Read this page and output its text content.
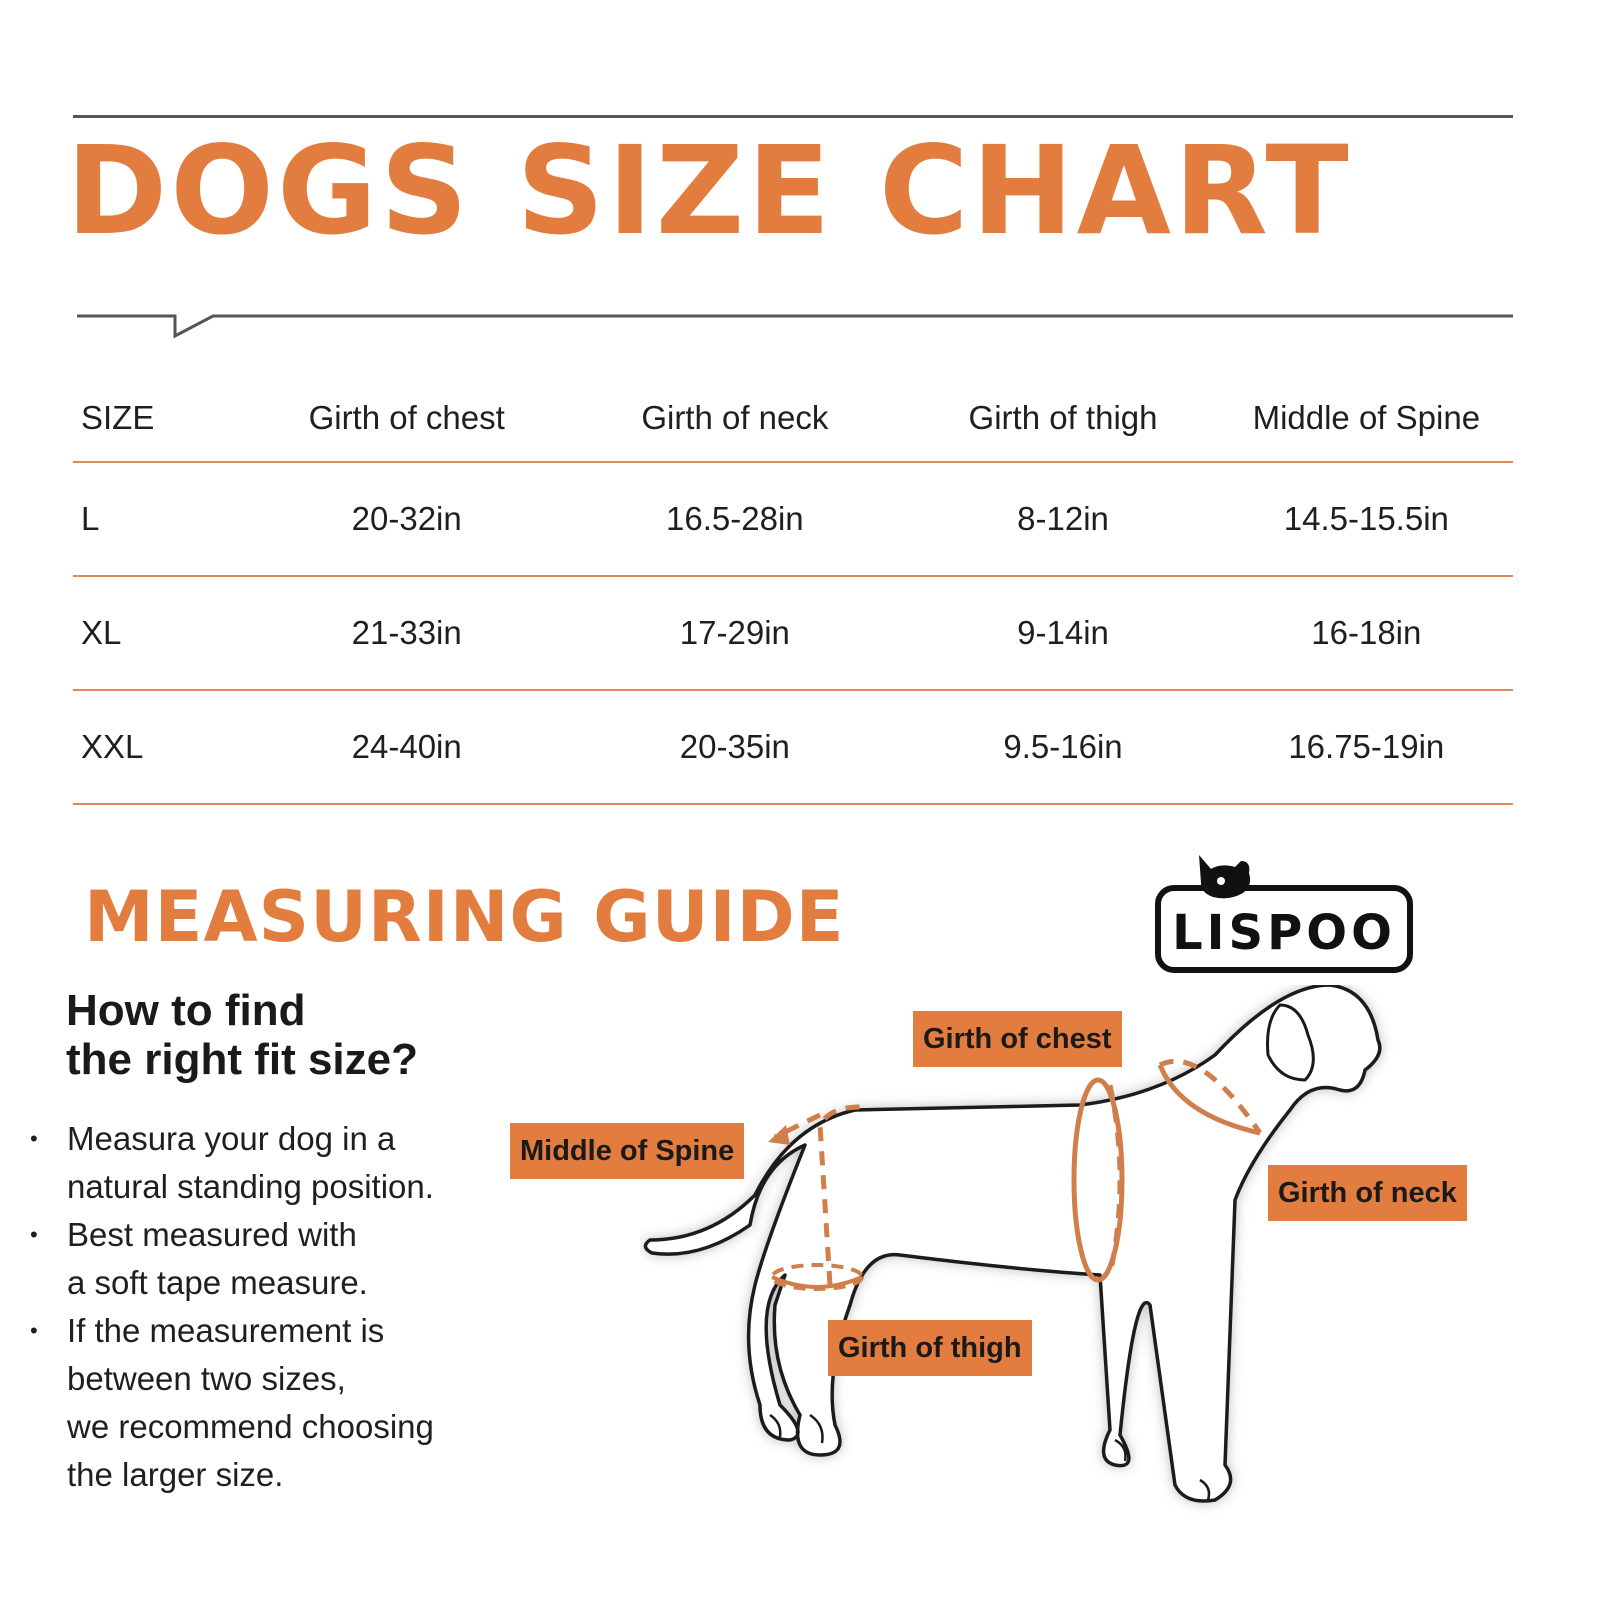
DOGS SIZE CHART
SIZE	Girth of chest	Girth of neck	Girth of thigh	Middle of Spine
L	20-32in	16.5-28in	8-12in	14.5-15.5in
XL	21-33in	17-29in	9-14in	16-18in
XXL	24-40in	20-35in	9.5-16in	16.75-19in
MEASURING GUIDE
How to find
the right fit size?
• Measura your dog in a
natural standing position.
• Best measured with
a soft tape measure.
• If the measurement is
between two sizes,
we recommend choosing
the larger size.
LISPOO
Girth of chest
Middle of Spine
Girth of neck
Girth of thigh
